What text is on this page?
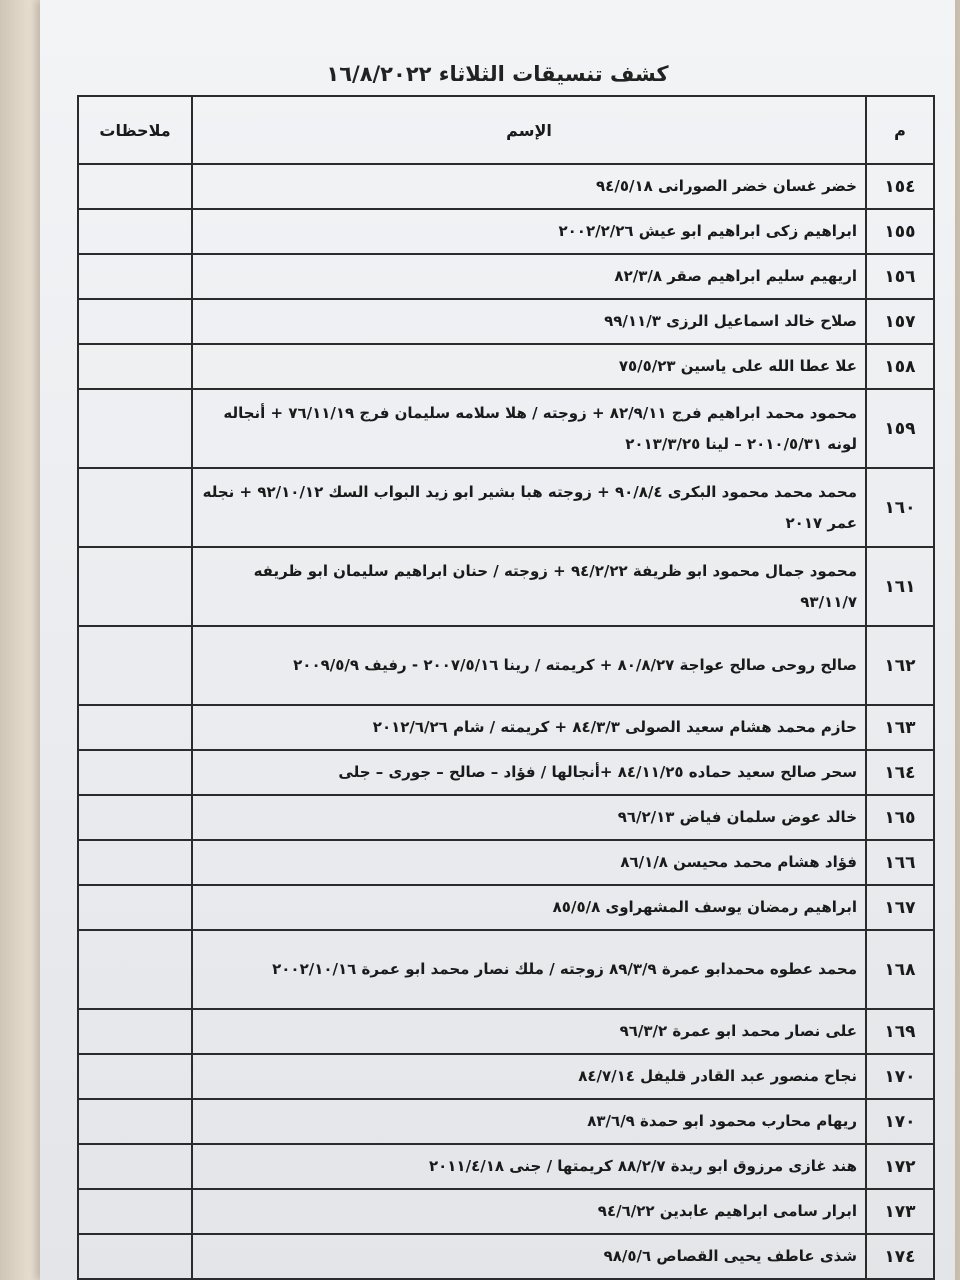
كشف تنسيقات الثلاثاء ١٦/٨/٢٠٢٢
م	الإسم	ملاحظات
١٥٤	خضر غسان خضر الصورانى ٩٤/٥/١٨	
١٥٥	ابراهيم زكى ابراهيم ابو عيش ٢٠٠٢/٢/٢٦	
١٥٦	اريهيم سليم ابراهيم صقر ٨٢/٣/٨	
١٥٧	صلاح خالد اسماعيل الرزى ٩٩/١١/٣	
١٥٨	علا عطا الله على ياسين ٧٥/٥/٢٣	
١٥٩	محمود محمد ابراهيم فرج ٨٢/٩/١١ + زوجته / هلا سلامه سليمان فرج ٧٦/١١/١٩ + أنجاله لونه ٢٠١٠/٥/٣١ – لينا ٢٠١٣/٣/٢٥	
١٦٠	محمد محمد محمود البكرى ٩٠/٨/٤ + زوجته هبا بشير ابو زيد البواب السك ٩٢/١٠/١٢ + نجله عمر ٢٠١٧	
١٦١	محمود جمال محمود ابو ظريفة ٩٤/٢/٢٢ + زوجته / حنان ابراهيم سليمان ابو ظريفه ٩٣/١١/٧	
١٦٢	صالح روحى صالح عواجة ٨٠/٨/٢٧ + كريمته / رينا ٢٠٠٧/٥/١٦ - رفيف ٢٠٠٩/٥/٩	
١٦٣	حازم محمد هشام سعيد الصولى ٨٤/٣/٣ + كريمته / شام ٢٠١٢/٦/٢٦	
١٦٤	سحر صالح سعيد حماده ٨٤/١١/٢٥ +أنجالها / فؤاد – صالح – جورى – جلى	
١٦٥	خالد عوض سلمان فياض ٩٦/٢/١٣	
١٦٦	فؤاد هشام محمد محيسن ٨٦/١/٨	
١٦٧	ابراهيم رمضان يوسف المشهراوى ٨٥/٥/٨	
١٦٨	محمد عطوه محمدابو عمرة ٨٩/٣/٩ زوجته / ملك نصار محمد ابو عمرة ٢٠٠٢/١٠/١٦	
١٦٩	على نصار محمد ابو عمرة ٩٦/٣/٢	
١٧٠	نجاح منصور عبد القادر قليفل ٨٤/٧/١٤	
١٧٠	ريهام محارب محمود ابو حمدة ٨٣/٦/٩	
١٧٢	هند غازى مرزوق ابو ريدة ٨٨/٢/٧ كريمتها / جنى ٢٠١١/٤/١٨	
١٧٣	ابرار سامى ابراهيم عابدين ٩٤/٦/٢٢	
١٧٤	شذى عاطف يحيى القصاص ٩٨/٥/٦	
